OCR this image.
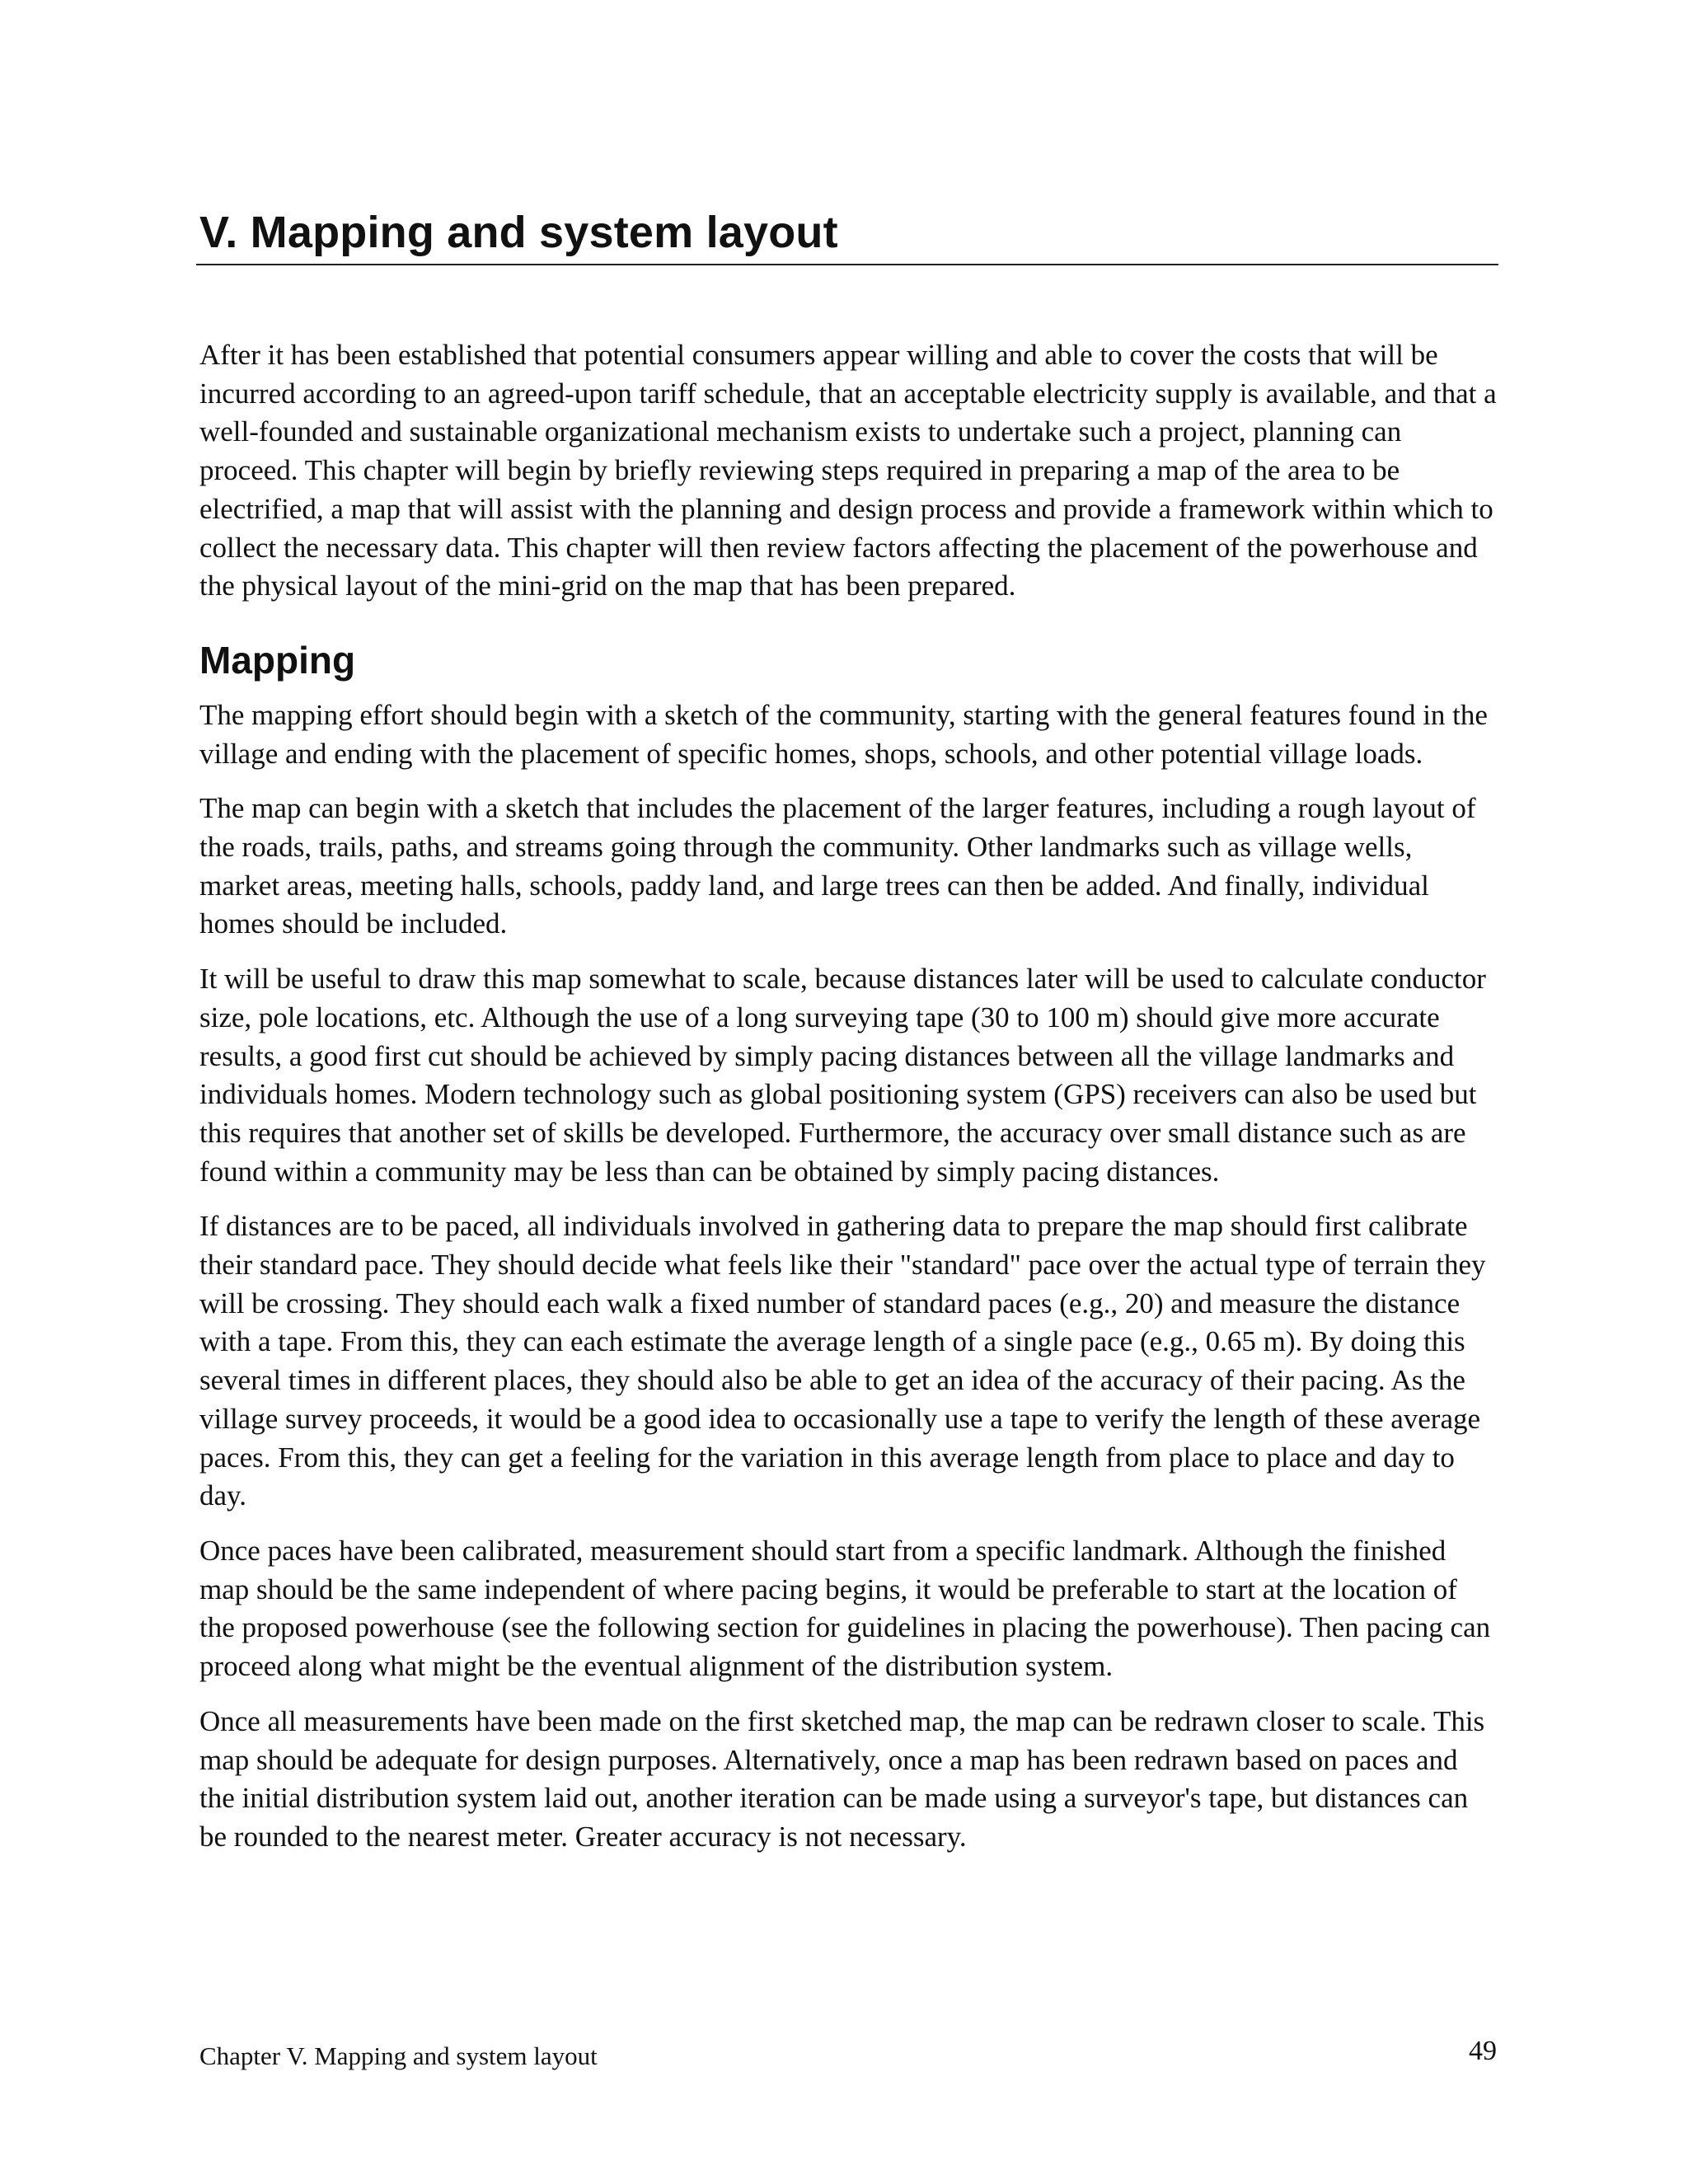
V. Mapping and system layout

After it has been established that potential consumers appear willing and able to cover the costs that will be incurred according to an agreed-upon tariff schedule, that an acceptable electricity supply is available, and that a well-founded and sustainable organizational mechanism exists to undertake such a project, planning can proceed. This chapter will begin by briefly reviewing steps required in preparing a map of the area to be electrified, a map that will assist with the planning and design process and provide a framework within which to collect the necessary data. This chapter will then review factors affecting the placement of the powerhouse and the physical layout of the mini-grid on the map that has been prepared.

Mapping

The mapping effort should begin with a sketch of the community, starting with the general features found in the village and ending with the placement of specific homes, shops, schools, and other potential village loads.

The map can begin with a sketch that includes the placement of the larger features, including a rough layout of the roads, trails, paths, and streams going through the community. Other landmarks such as village wells, market areas, meeting halls, schools, paddy land, and large trees can then be added. And finally, individual homes should be included.

It will be useful to draw this map somewhat to scale, because distances later will be used to calculate conductor size, pole locations, etc. Although the use of a long surveying tape (30 to 100 m) should give more accurate results, a good first cut should be achieved by simply pacing distances between all the village landmarks and individuals homes. Modern technology such as global positioning system (GPS) receivers can also be used but this requires that another set of skills be developed. Furthermore, the accuracy over small distance such as are found within a community may be less than can be obtained by simply pacing distances.

If distances are to be paced, all individuals involved in gathering data to prepare the map should first calibrate their standard pace. They should decide what feels like their "standard" pace over the actual type of terrain they will be crossing. They should each walk a fixed number of standard paces (e.g., 20) and measure the distance with a tape. From this, they can each estimate the average length of a single pace (e.g., 0.65 m). By doing this several times in different places, they should also be able to get an idea of the accuracy of their pacing. As the village survey proceeds, it would be a good idea to occasionally use a tape to verify the length of these average paces. From this, they can get a feeling for the variation in this average length from place to place and day to day.

Once paces have been calibrated, measurement should start from a specific landmark. Although the finished map should be the same independent of where pacing begins, it would be preferable to start at the location of the proposed powerhouse (see the following section for guidelines in placing the powerhouse). Then pacing can proceed along what might be the eventual alignment of the distribution system.

Once all measurements have been made on the first sketched map, the map can be redrawn closer to scale. This map should be adequate for design purposes. Alternatively, once a map has been redrawn based on paces and the initial distribution system laid out, another iteration can be made using a surveyor's tape, but distances can be rounded to the nearest meter. Greater accuracy is not necessary.

Chapter V. Mapping and system layout	49
